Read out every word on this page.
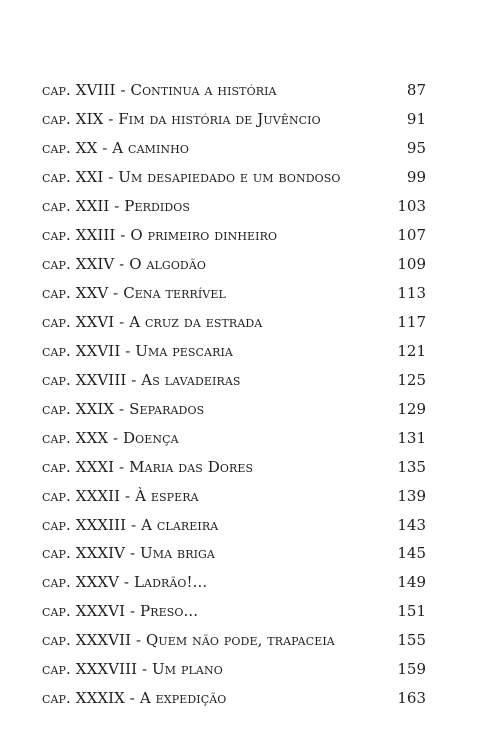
cap. XVIII - Continua a história	87
cap. XIX - Fim da história de Juvêncio	91
cap. XX - A caminho	95
cap. XXI - Um desapiedado e um bondoso	99
cap. XXII - Perdidos	103
cap. XXIII - O primeiro dinheiro	107
cap. XXIV - O algodão	109
cap. XXV - Cena terrível	113
cap. XXVI - A cruz da estrada	117
cap. XXVII - Uma pescaria	121
cap. XXVIII - As lavadeiras	125
cap. XXIX - Separados	129
cap. XXX - Doença	131
cap. XXXI - Maria das Dores	135
cap. XXXII - À espera	139
cap. XXXIII - A clareira	143
cap. XXXIV - Uma briga	145
cap. XXXV - Ladrão!...	149
cap. XXXVI - Preso...	151
cap. XXXVII - Quem não pode, trapaceia	155
cap. XXXVIII - Um plano	159
cap. XXXIX - A expedição	163
